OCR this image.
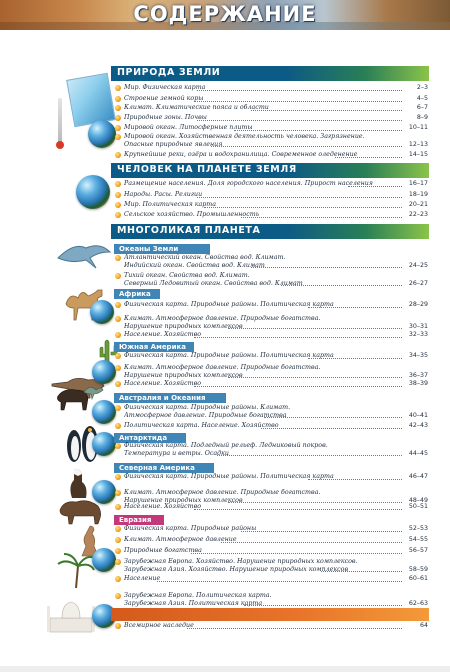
СОДЕРЖАНИЕ
ПРИРОДА ЗЕМЛИ
ЧЕЛОВЕК НА ПЛАНЕТЕ ЗЕМЛЯ
МНОГОЛИКАЯ ПЛАНЕТА
Океаны Земли
Африка
Южная Америка
Австралия и Океания
Антарктида
Северная Америка
Евразия
Мир. Физическая карта	2–3
Строение земной коры	4–5
Климат. Климатические пояса и области	6–7
Природные зоны. Почвы	8–9
Мировой океан. Литосферные плиты	10–11
Мировой океан. Хозяйственная деятельность человека. Загрязнение.
Опасные природные явления	12–13
Крупнейшие реки, озёра и водохранилища. Современное оледенение	14–15
Размещение населения. Доля городского населения. Прирост населения	16–17
Народы. Расы. Религии	18–19
Мир. Политическая карта	20–21
Сельское хозяйство. Промышленность	22–23
Атлантический океан. Свойства вод. Климат.
Индийский океан. Свойства вод. Климат	24–25
Тихий океан. Свойства вод. Климат.
Северный Ледовитый океан. Свойства вод. Климат	26–27
Физическая карта. Природные районы. Политическая карта	28–29
Климат. Атмосферное давление. Природные богатства.
Нарушение природных комплексов	30–31
Население. Хозяйство	32–33
Физическая карта. Природные районы. Политическая карта	34–35
Климат. Атмосферное давление. Природные богатства.
Нарушение природных комплексов	36–37
Население. Хозяйство	38–39
Физическая карта. Природные районы. Климат.
Атмосферное давление. Природные богатства	40–41
Политическая карта. Население. Хозяйство	42–43
Физическая карта. Подледный рельеф. Ледниковый покров.
Температура и ветры. Осадки	44–45
Физическая карта. Природные районы. Политическая карта	46–47
Климат. Атмосферное давление. Природные богатства.
Нарушение природных комплексов	48–49
Население. Хозяйство	50–51
Физическая карта. Природные районы	52–53
Климат. Атмосферное давление	54–55
Природные богатства	56–57
Зарубежная Европа. Хозяйство. Нарушение природных комплексов.
Зарубежная Азия. Хозяйство. Нарушение природных комплексов	58–59
Население	60–61
Зарубежная Европа. Политическая карта.
Зарубежная Азия. Политическая карта	62–63
Всемирное наследие	64
